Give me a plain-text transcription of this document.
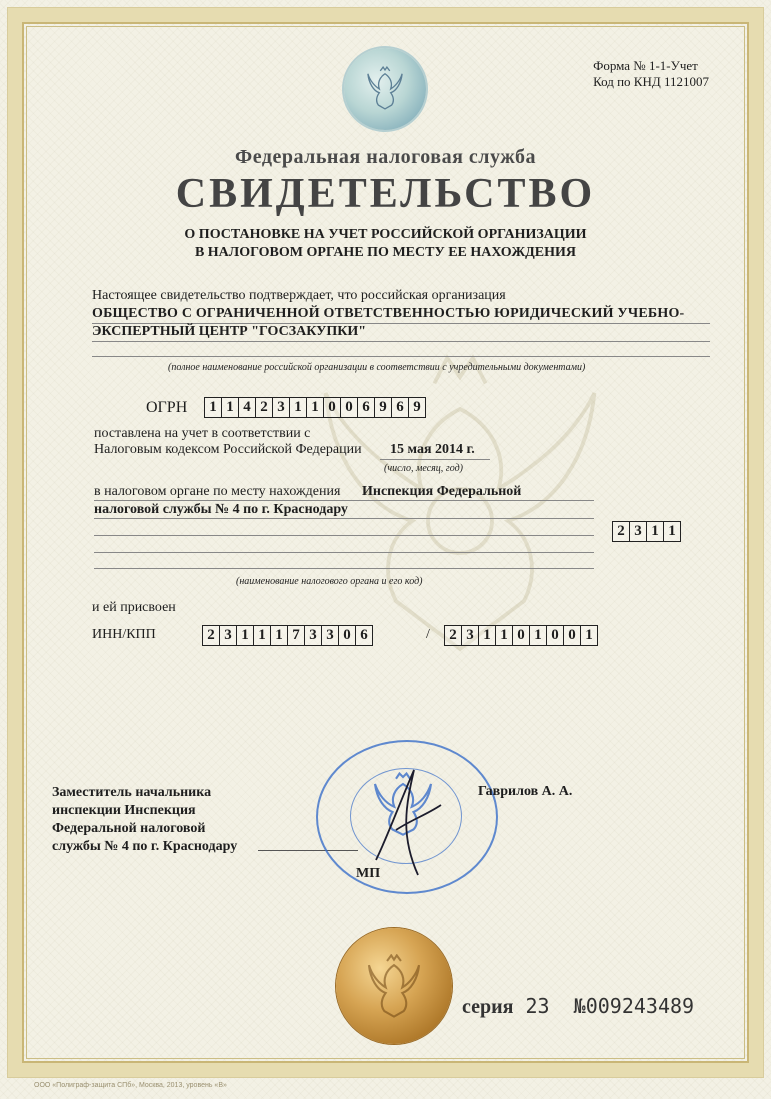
Форма № 1-1-Учет
Код по КНД 1121007
Федеральная налоговая служба
СВИДЕТЕЛЬСТВО
О ПОСТАНОВКЕ НА УЧЕТ РОССИЙСКОЙ ОРГАНИЗАЦИИ
В НАЛОГОВОМ ОРГАНЕ ПО МЕСТУ ЕЕ НАХОЖДЕНИЯ
Настоящее свидетельство подтверждает, что российская организация
ОБЩЕСТВО С ОГРАНИЧЕННОЙ ОТВЕТСТВЕННОСТЬЮ ЮРИДИЧЕСКИЙ УЧЕБНО-
ЭКСПЕРТНЫЙ ЦЕНТР "ГОСЗАКУПКИ"
(полное наименование российской организации в соответствии с учредительными документами)
ОГРН	1 1 4 2 3 1 1 0 0 6 9 6 9
поставлена на учет в соответствии с
Налоговым кодексом Российской Федерации 15 мая 2014 г.
(число, месяц, год)
в налоговом органе по месту нахождения Инспекция Федеральной
налоговой службы № 4 по г. Краснодару
2 3 1 1
(наименование налогового органа и его код)
и ей присвоен
ИНН/КПП	2 3 1 1 1 7 3 3 0 6	/	2 3 1 1 0 1 0 0 1
Заместитель начальника
инспекции Инспекция
Федеральной налоговой
службы № 4 по г. Краснодару
Гаврилов А. А.
МП
серия 23 №009243489
ООО «Полиграф-защита СПб», Москва, 2013, уровень «В»
